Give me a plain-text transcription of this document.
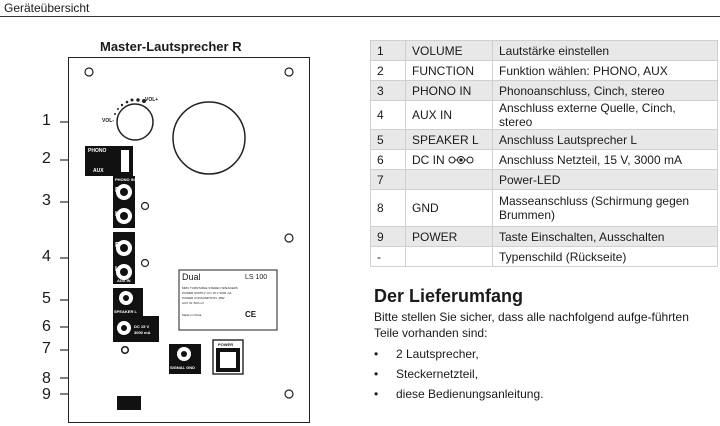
Geräteübersicht
Master-Lautsprecher R
1
2
3
4
5
6
7
8
9
VOL-
VOL+
PHONO
AUX
FUNCTION
PHONO IN
R
L
R
L
AUX IN
SPEAKER L
DC 15 V
3000 mA
SIGNAL GND
POWER
Dual	LS 100
MMC TURNTABLE STEREO SPEAKERS
POWER SUPPLY: DC 15 V 3000 mA
POWER CONSUMPTION: 45W
AUX IN: 500 mV
Made in China	CE
1	VOLUME	Lautstärke einstellen
2	FUNCTION	Funktion wählen: PHONO, AUX
3	PHONO IN	Phonoanschluss, Cinch, stereo
4	AUX IN	Anschluss externe Quelle, Cinch, stereo
5	SPEAKER L	Anschluss Lautsprecher L
6	DC IN	Anschluss Netzteil, 15 V, 3000 mA
7		Power-LED
8	GND	Masseanschluss (Schirmung gegen Brummen)
9	POWER	Taste Einschalten, Ausschalten
-		Typenschild (Rückseite)
Der Lieferumfang
Bitte stellen Sie sicher, dass alle nachfolgend aufge-führten Teile vorhanden sind:
• 2 Lautsprecher,
• Steckernetzteil,
• diese Bedienungsanleitung.
